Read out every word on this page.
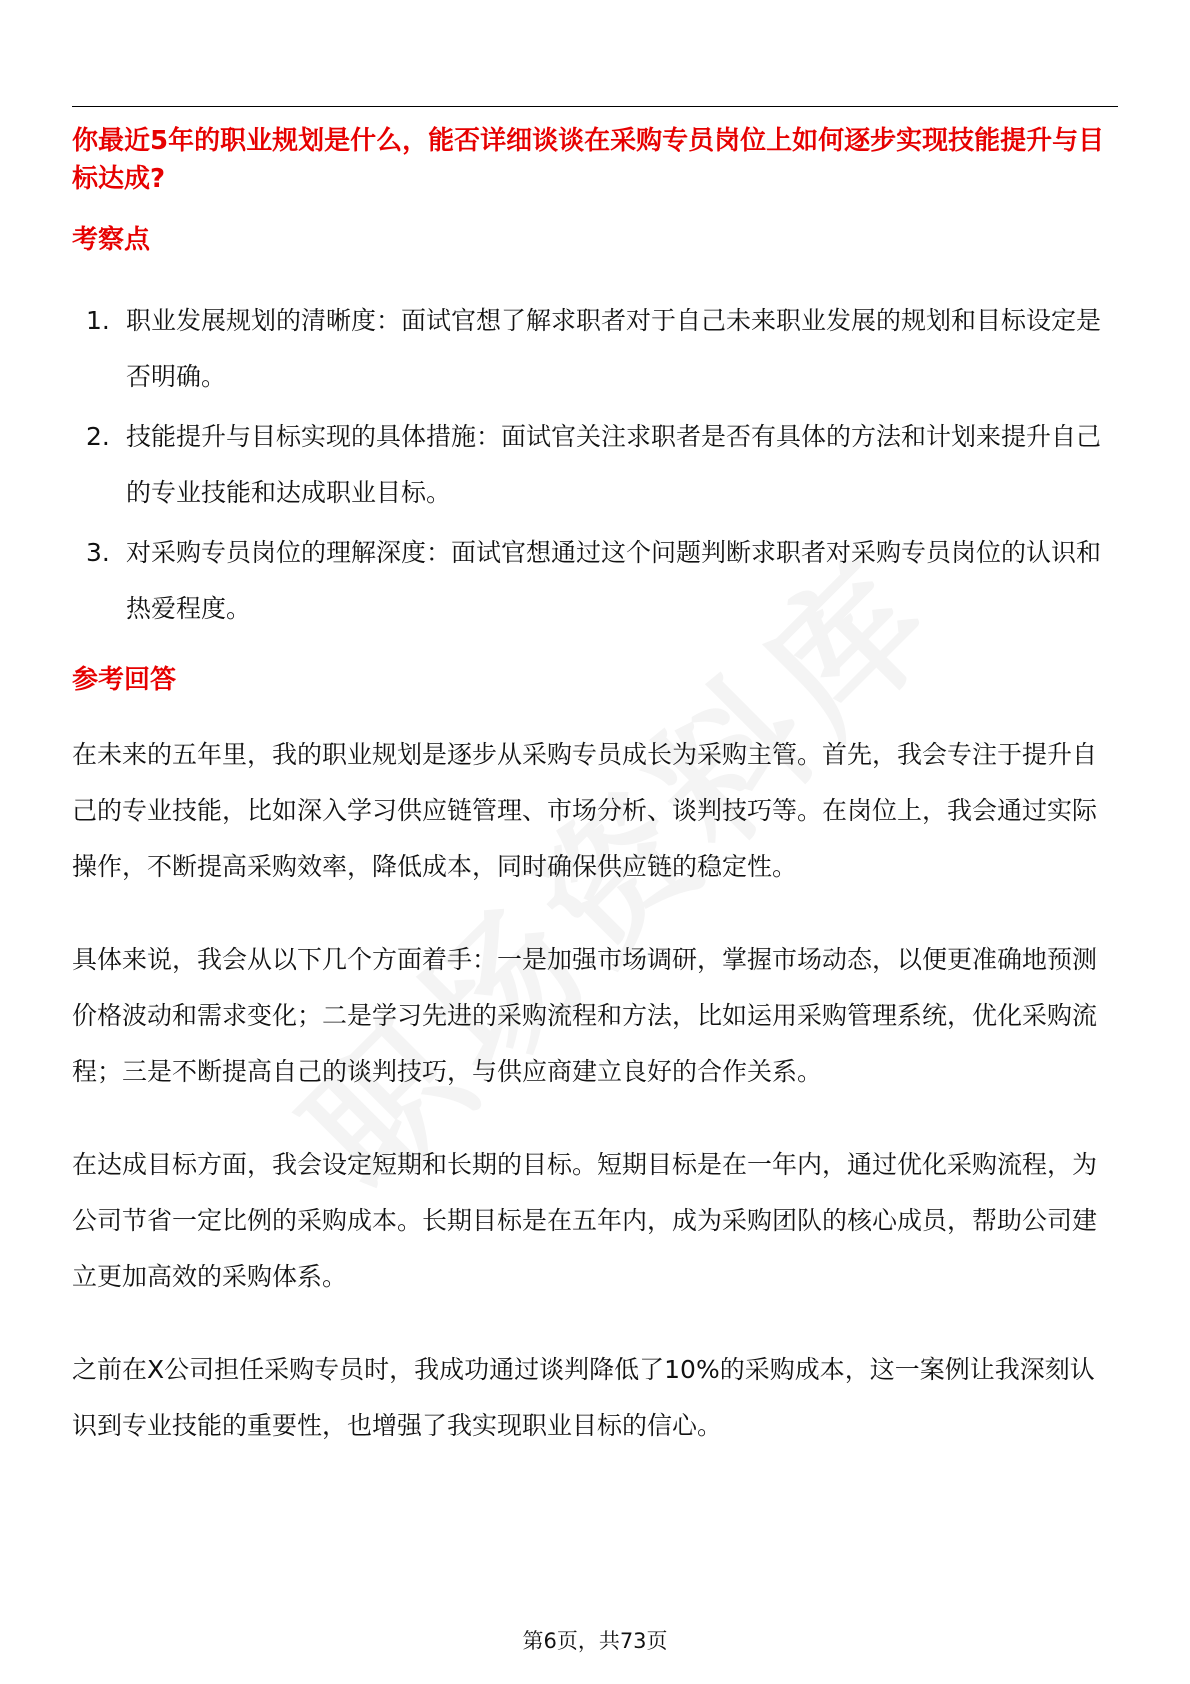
你最近5年的职业规划是什么，能否详细谈谈在采购专员岗位上如何逐步实现技能提升与目标达成?
考察点
1. 职业发展规划的清晰度：面试官想了解求职者对于自己未来职业发展的规划和目标设定是否明确。
2. 技能提升与目标实现的具体措施：面试官关注求职者是否有具体的方法和计划来提升自己的专业技能和达成职业目标。
3. 对采购专员岗位的理解深度：面试官想通过这个问题判断求职者对采购专员岗位的认识和热爱程度。
参考回答

在未来的五年里，我的职业规划是逐步从采购专员成长为采购主管。首先，我会专注于提升自己的专业技能，比如深入学习供应链管理、市场分析、谈判技巧等。在岗位上，我会通过实际操作，不断提高采购效率，降低成本，同时确保供应链的稳定性。

具体来说，我会从以下几个方面着手：一是加强市场调研，掌握市场动态，以便更准确地预测价格波动和需求变化；二是学习先进的采购流程和方法，比如运用采购管理系统，优化采购流程；三是不断提高自己的谈判技巧，与供应商建立良好的合作关系。

在达成目标方面，我会设定短期和长期的目标。短期目标是在一年内，通过优化采购流程，为公司节省一定比例的采购成本。长期目标是在五年内，成为采购团队的核心成员，帮助公司建立更加高效的采购体系。

之前在X公司担任采购专员时，我成功通过谈判降低了10%的采购成本，这一案例让我深刻认识到专业技能的重要性，也增强了我实现职业目标的信心。

第6页，共73页
